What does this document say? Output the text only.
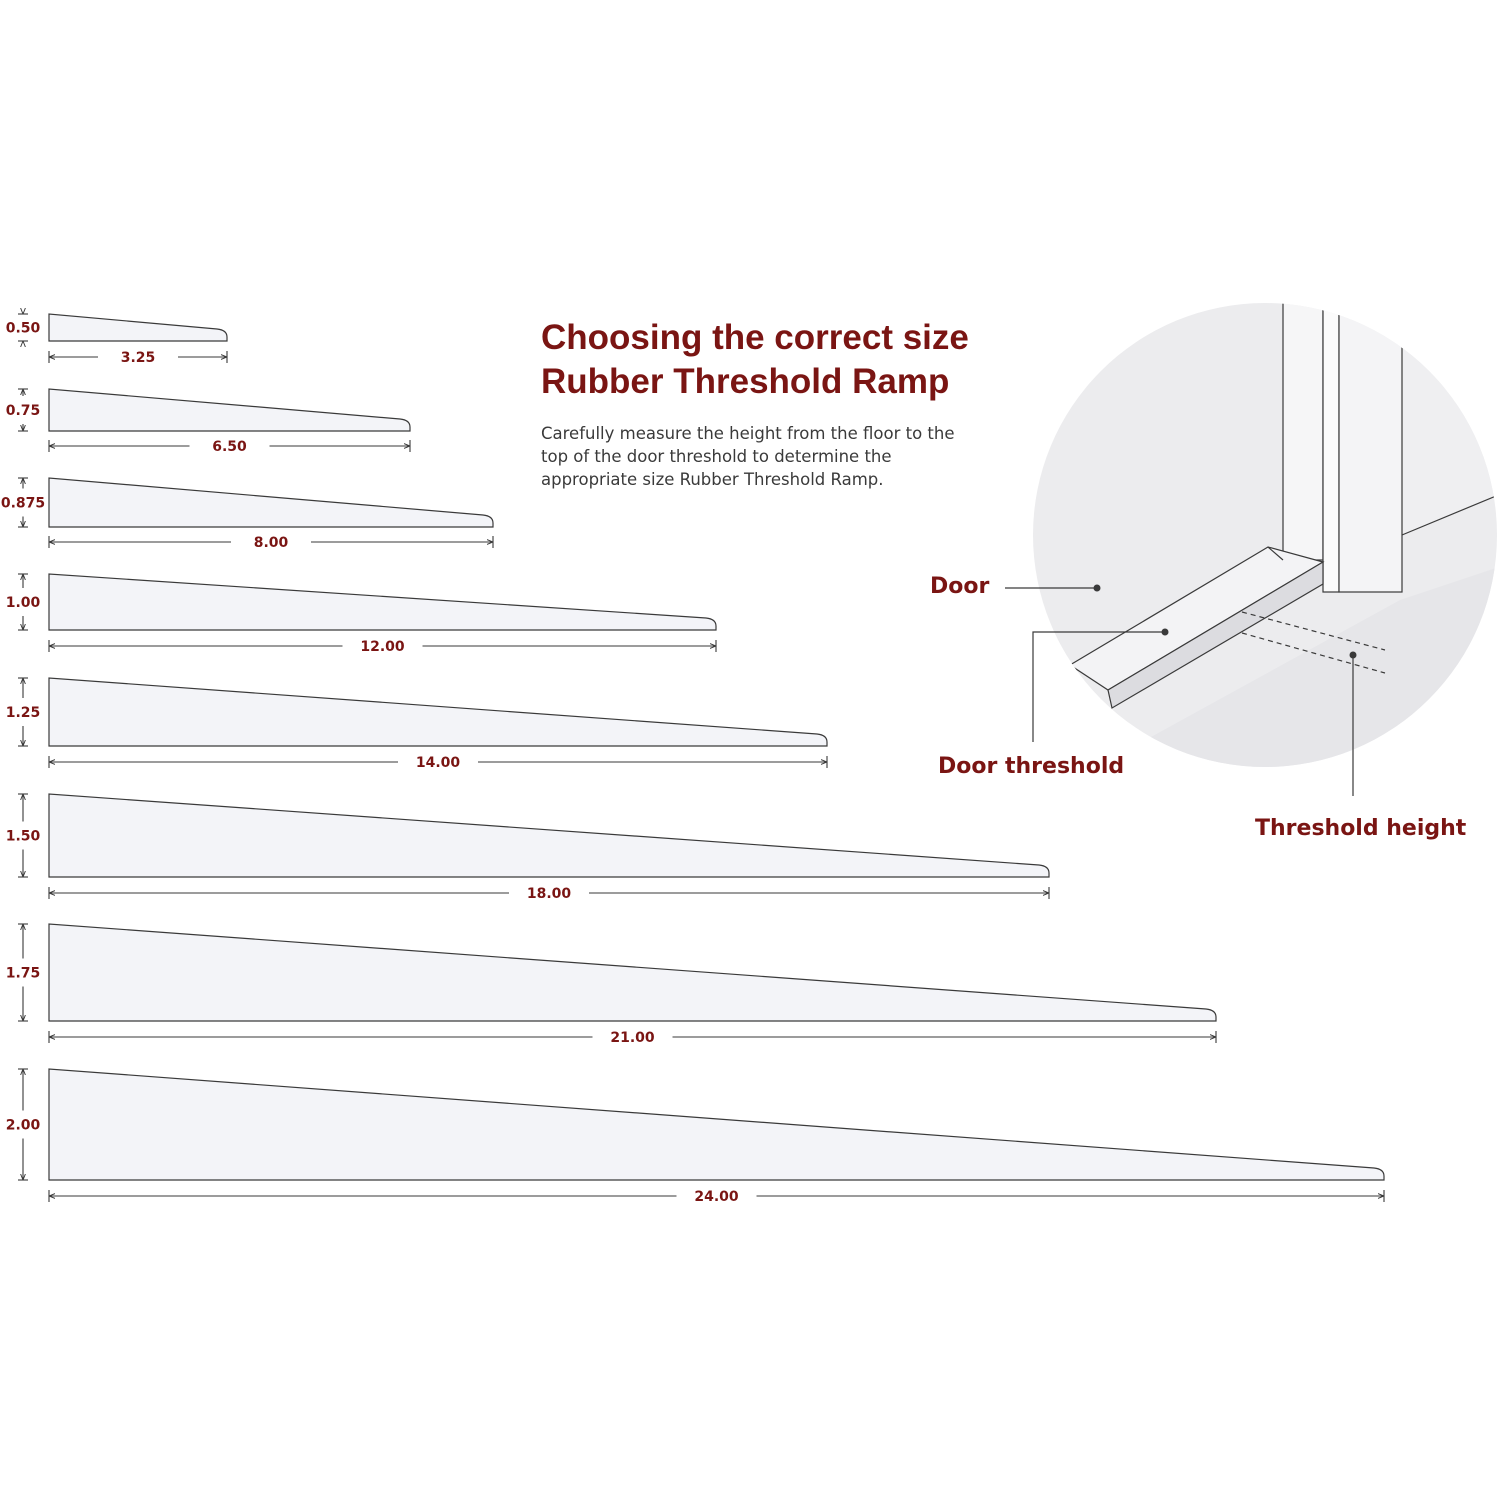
Choosing the correct size
Rubber Threshold Ramp

Carefully measure the height from the floor to the
top of the door threshold to determine the
appropriate size Rubber Threshold Ramp.

0.50
3.25
0.75
6.50
0.875
8.00
1.00
12.00
1.25
14.00
1.50
18.00
1.75
21.00
2.00
24.00
Door
Door threshold
Threshold height
